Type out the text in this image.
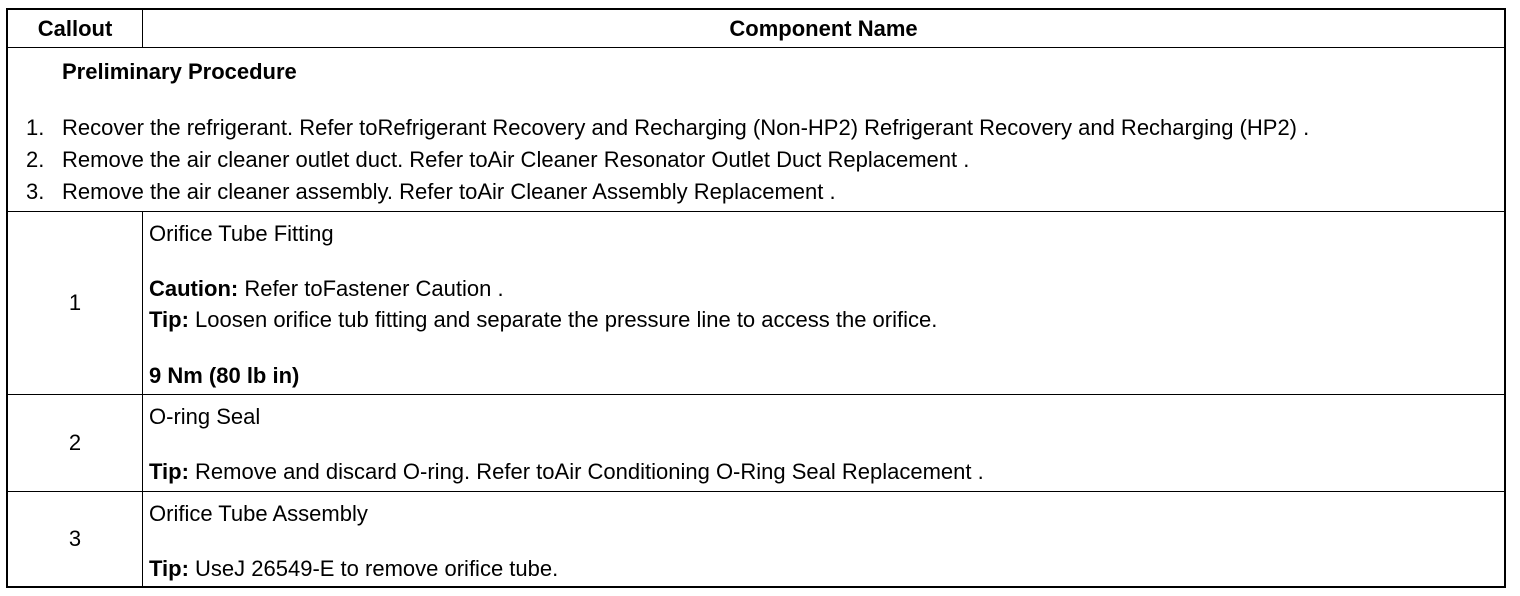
Callout	Component Name
Preliminary Procedure
1. Recover the refrigerant. Refer toRefrigerant Recovery and Recharging (Non-HP2) Refrigerant Recovery and Recharging (HP2) .
2. Remove the air cleaner outlet duct. Refer toAir Cleaner Resonator Outlet Duct Replacement .
3. Remove the air cleaner assembly. Refer toAir Cleaner Assembly Replacement .
1
Orifice Tube Fitting
Caution: Refer toFastener Caution .
Tip: Loosen orifice tub fitting and separate the pressure line to access the orifice.
9 Nm (80 lb in)
2
O-ring Seal
Tip: Remove and discard O-ring. Refer toAir Conditioning O-Ring Seal Replacement .
3
Orifice Tube Assembly
Tip: UseJ 26549-E to remove orifice tube.
